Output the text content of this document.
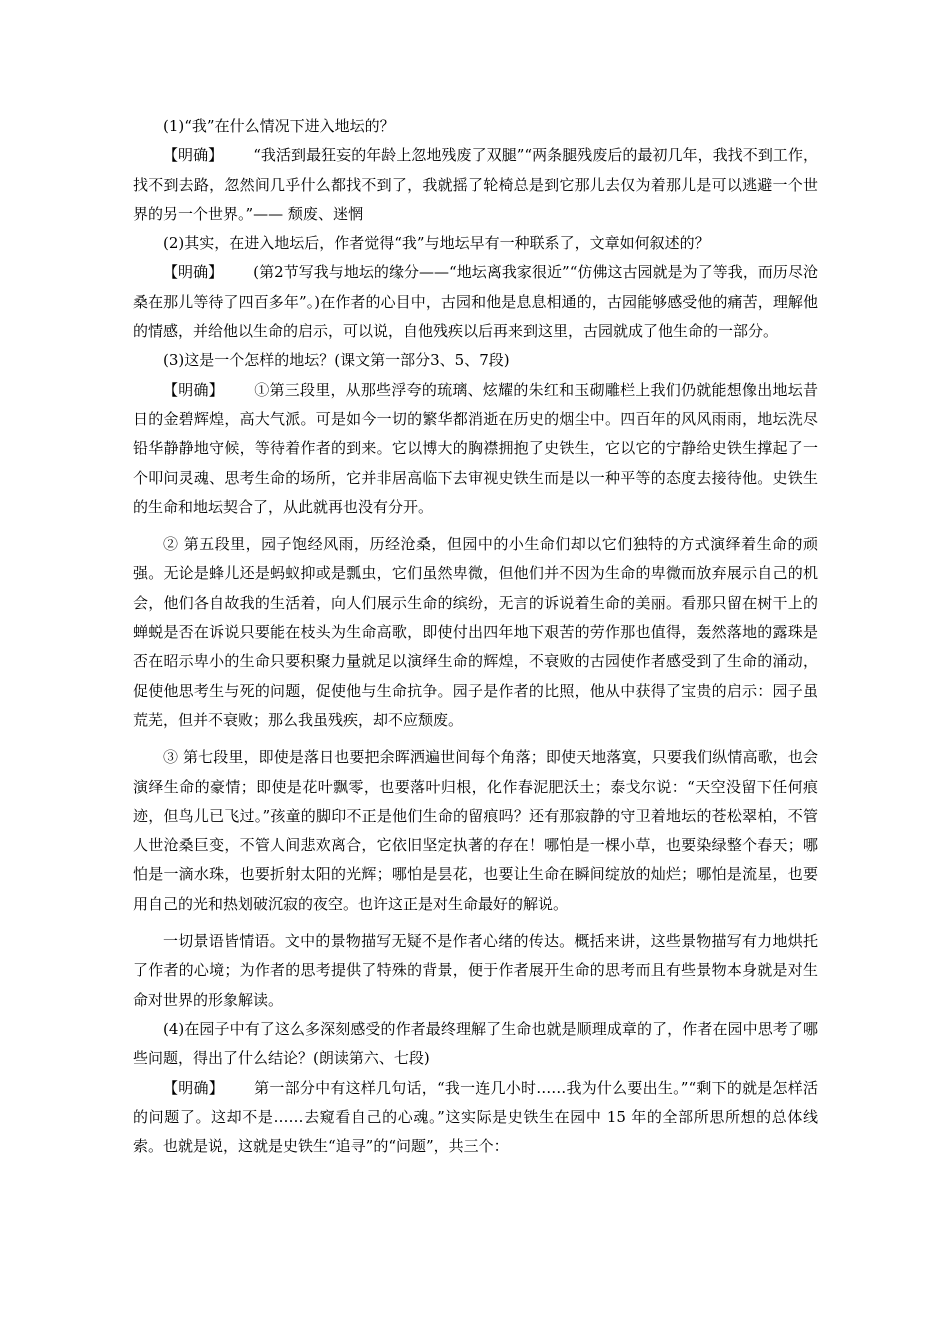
(1)“我”在什么情况下进入地坛的？

【明确】 “我活到最狂妄的年龄上忽地残废了双腿”“两条腿残废后的最初几年，我找不到工作，找不到去路，忽然间几乎什么都找不到了，我就摇了轮椅总是到它那儿去仅为着那儿是可以逃避一个世界的另一个世界。”—— 颓废、迷惘

(2)其实，在进入地坛后，作者觉得“我”与地坛早有一种联系了，文章如何叙述的？

【明确】 (第2节写我与地坛的缘分——“地坛离我家很近”“仿佛这古园就是为了等我，而历尽沧桑在那儿等待了四百多年”。)在作者的心目中，古园和他是息息相通的，古园能够感受他的痛苦，理解他的情感，并给他以生命的启示，可以说，自他残疾以后再来到这里，古园就成了他生命的一部分。

(3)这是一个怎样的地坛？(课文第一部分3、5、7段)

【明确】 ①第三段里，从那些浮夸的琉璃、炫耀的朱红和玉砌雕栏上我们仍就能想像出地坛昔日的金碧辉煌，高大气派。可是如今一切的繁华都消逝在历史的烟尘中。四百年的风风雨雨，地坛洗尽铅华静静地守候，等待着作者的到来。它以博大的胸襟拥抱了史铁生，它以它的宁静给史铁生撑起了一个叩问灵魂、思考生命的场所，它并非居高临下去审视史铁生而是以一种平等的态度去接待他。史铁生的生命和地坛契合了，从此就再也没有分开。

② 第五段里，园子饱经风雨，历经沧桑，但园中的小生命们却以它们独特的方式演绎着生命的顽强。无论是蜂儿还是蚂蚁抑或是瓢虫，它们虽然卑微，但他们并不因为生命的卑微而放弃展示自己的机会，他们各自故我的生活着，向人们展示生命的缤纷，无言的诉说着生命的美丽。看那只留在树干上的蝉蜕是否在诉说只要能在枝头为生命高歌，即使付出四年地下艰苦的劳作那也值得，轰然落地的露珠是否在昭示卑小的生命只要积聚力量就足以演绎生命的辉煌，不衰败的古园使作者感受到了生命的涌动，促使他思考生与死的问题，促使他与生命抗争。园子是作者的比照，他从中获得了宝贵的启示：园子虽荒芜，但并不衰败；那么我虽残疾，却不应颓废。

③ 第七段里，即使是落日也要把余晖洒遍世间每个角落；即使天地落寞，只要我们纵情高歌，也会演绎生命的豪情；即使是花叶飘零，也要落叶归根，化作春泥肥沃土；泰戈尔说：“天空没留下任何痕迹，但鸟儿已飞过。”孩童的脚印不正是他们生命的留痕吗？还有那寂静的守卫着地坛的苍松翠柏，不管人世沧桑巨变，不管人间悲欢离合，它依旧坚定执著的存在！哪怕是一棵小草，也要染绿整个春天；哪怕是一滴水珠，也要折射太阳的光辉；哪怕是昙花，也要让生命在瞬间绽放的灿烂；哪怕是流星，也要用自己的光和热划破沉寂的夜空。也许这正是对生命最好的解说。

一切景语皆情语。文中的景物描写无疑不是作者心绪的传达。概括来讲，这些景物描写有力地烘托了作者的心境；为作者的思考提供了特殊的背景，便于作者展开生命的思考而且有些景物本身就是对生命对世界的形象解读。

(4)在园子中有了这么多深刻感受的作者最终理解了生命也就是顺理成章的了，作者在园中思考了哪些问题，得出了什么结论？(朗读第六、七段)

【明确】 第一部分中有这样几句话，“我一连几小时……我为什么要出生。”“剩下的就是怎样活的问题了。这却不是……去窥看自己的心魂。”这实际是史铁生在园中 15 年的全部所思所想的总体线索。也就是说，这就是史铁生“追寻”的“问题”，共三个：
